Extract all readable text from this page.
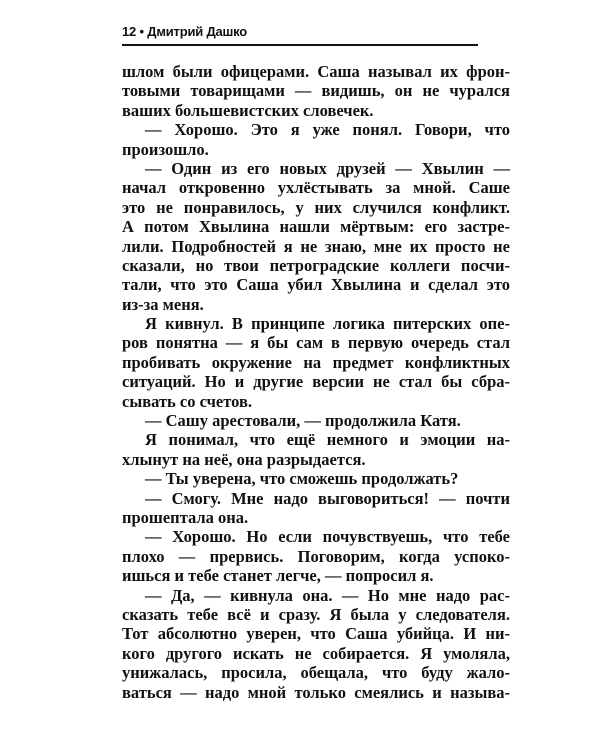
12 • Дмитрий Дашко
шлом были офицерами. Саша называл их фрон-
товыми товарищами — видишь, он не чурался
ваших большевистских словечек.
— Хорошо. Это я уже понял. Говори, что
произошло.
— Один из его новых друзей — Хвылин —
начал откровенно ухлёстывать за мной. Саше
это не понравилось, у них случился конфликт.
А потом Хвылина нашли мёртвым: его застре-
лили. Подробностей я не знаю, мне их просто не
сказали, но твои петроградские коллеги посчи-
тали, что это Саша убил Хвылина и сделал это
из-за меня.
Я кивнул. В принципе логика питерских опе-
ров понятна — я бы сам в первую очередь стал
пробивать окружение на предмет конфликтных
ситуаций. Но и другие версии не стал бы сбра-
сывать со счетов.
— Сашу арестовали, — продолжила Катя.
Я понимал, что ещё немного и эмоции на-
хлынут на неё, она разрыдается.
— Ты уверена, что сможешь продолжать?
— Смогу. Мне надо выговориться! — почти
прошептала она.
— Хорошо. Но если почувствуешь, что тебе
плохо — прервись. Поговорим, когда успоко-
ишься и тебе станет легче, — попросил я.
— Да, — кивнула она. — Но мне надо рас-
сказать тебе всё и сразу. Я была у следователя.
Тот абсолютно уверен, что Саша убийца. И ни-
кого другого искать не собирается. Я умоляла,
унижалась, просила, обещала, что буду жало-
ваться — надо мной только смеялись и называ-
